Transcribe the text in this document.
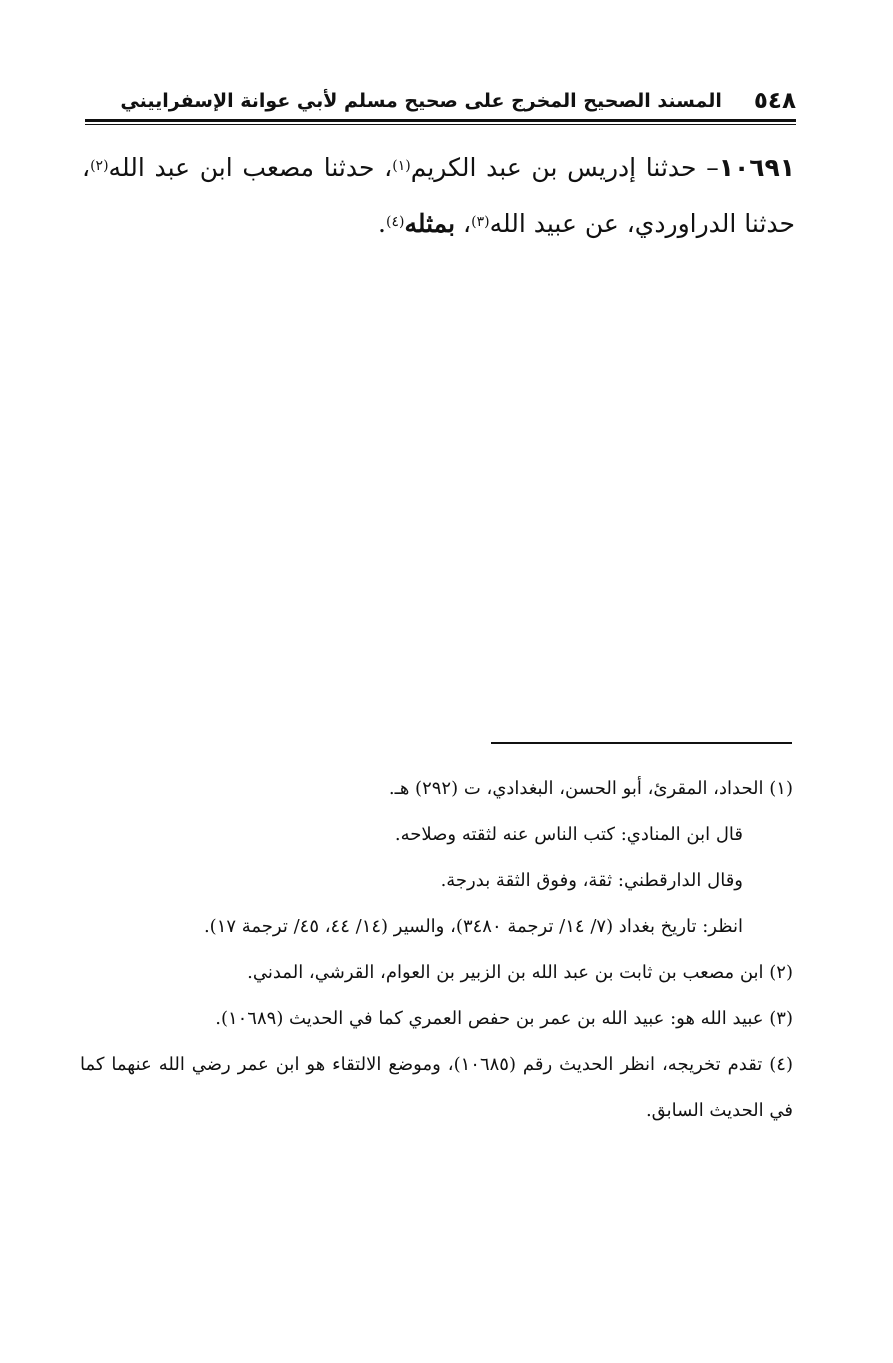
٥٤٨
المسند الصحيح المخرج على صحيح مسلم لأبي عوانة الإسفراييني
١٠٦٩١– حدثنا إدريس بن عبد الكريم$^{(١)}$، حدثنا مصعب ابن عبد الله$^{(٢)}$، حدثنا الدراوردي، عن عبيد الله$^{(٣)}$، بمثله$^{(٤)}$.
(١) الحداد، المقرئ، أبو الحسن، البغدادي، ت (٢٩٢) هـ.
قال ابن المنادي: كتب الناس عنه لثقته وصلاحه.
وقال الدارقطني: ثقة، وفوق الثقة بدرجة.
انظر: تاريخ بغداد (٧/ ١٤/ ترجمة ٣٤٨٠)، والسير (١٤/ ٤٤، ٤٥/ ترجمة ١٧).
(٢) ابن مصعب بن ثابت بن عبد الله بن الزبير بن العوام، القرشي، المدني.
(٣) عبيد الله هو: عبيد الله بن عمر بن حفص العمري كما في الحديث (١٠٦٨٩).
(٤) تقدم تخريجه، انظر الحديث رقم (١٠٦٨٥)، وموضع الالتقاء هو ابن عمر رضي الله عنهما كما في الحديث السابق.
